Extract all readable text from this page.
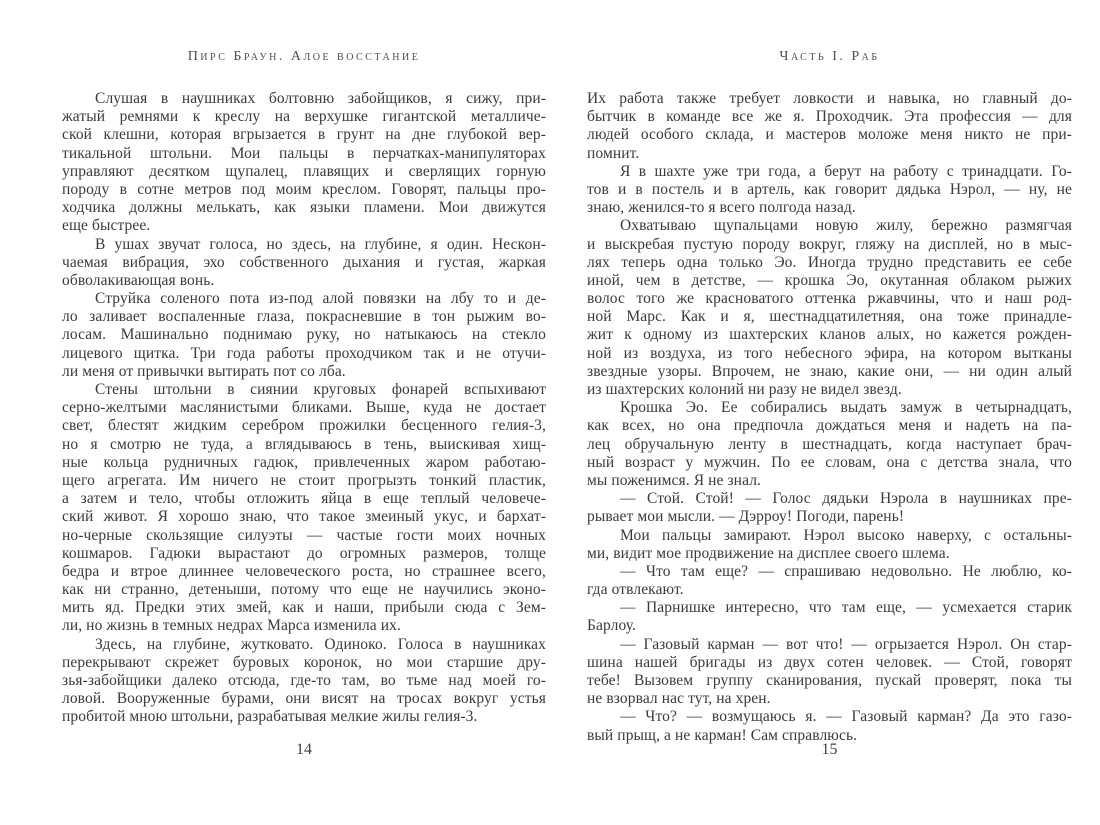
Пирс Браун. Алое восстание
Слушая в наушниках болтовню забойщиков, я сижу, при-
жатый ремнями к креслу на верхушке гигантской металличе-
ской клешни, которая вгрызается в грунт на дне глубокой вер-
тикальной штольни. Мои пальцы в перчатках-манипуляторах
управляют десятком щупалец, плавящих и сверлящих горную
породу в сотне метров под моим креслом. Говорят, пальцы про-
ходчика должны мелькать, как языки пламени. Мои движутся
еще быстрее.
В ушах звучат голоса, но здесь, на глубине, я один. Нескон-
чаемая вибрация, эхо собственного дыхания и густая, жаркая
обволакивающая вонь.
Струйка соленого пота из-под алой повязки на лбу то и де-
ло заливает воспаленные глаза, покрасневшие в тон рыжим во-
лосам. Машинально поднимаю руку, но натыкаюсь на стекло
лицевого щитка. Три года работы проходчиком так и не отучи-
ли меня от привычки вытирать пот со лба.
Стены штольни в сиянии круговых фонарей вспыхивают
серно-желтыми маслянистыми бликами. Выше, куда не достает
свет, блестят жидким серебром прожилки бесценного гелия-3,
но я смотрю не туда, а вглядываюсь в тень, выискивая хищ-
ные кольца рудничных гадюк, привлеченных жаром работаю-
щего агрегата. Им ничего не стоит прогрызть тонкий пластик,
а затем и тело, чтобы отложить яйца в еще теплый человече-
ский живот. Я хорошо знаю, что такое змеиный укус, и бархат-
но-черные скользящие силуэты — частые гости моих ночных
кошмаров. Гадюки вырастают до огромных размеров, толще
бедра и втрое длиннее человеческого роста, но страшнее всего,
как ни странно, детеныши, потому что еще не научились эконо-
мить яд. Предки этих змей, как и наши, прибыли сюда с Зем-
ли, но жизнь в темных недрах Марса изменила их.
Здесь, на глубине, жутковато. Одиноко. Голоса в наушниках
перекрывают скрежет буровых коронок, но мои старшие дру-
зья-забойщики далеко отсюда, где-то там, во тьме над моей го-
ловой. Вооруженные бурами, они висят на тросах вокруг устья
пробитой мною штольни, разрабатывая мелкие жилы гелия-3.
14
Часть I. Раб
Их работа также требует ловкости и навыка, но главный до-
бытчик в команде все же я. Проходчик. Эта профессия — для
людей особого склада, и мастеров моложе меня никто не при-
помнит.
Я в шахте уже три года, а берут на работу с тринадцати. Го-
тов и в постель и в артель, как говорит дядька Нэрол, — ну, не
знаю, женился-то я всего полгода назад.
Охватываю щупальцами новую жилу, бережно размягчая
и выскребая пустую породу вокруг, гляжу на дисплей, но в мыс-
лях теперь одна только Эо. Иногда трудно представить ее себе
иной, чем в детстве, — крошка Эо, окутанная облаком рыжих
волос того же красноватого оттенка ржавчины, что и наш род-
ной Марс. Как и я, шестнадцатилетняя, она тоже принадле-
жит к одному из шахтерских кланов алых, но кажется рожден-
ной из воздуха, из того небесного эфира, на котором вытканы
звездные узоры. Впрочем, не знаю, какие они, — ни один алый
из шахтерских колоний ни разу не видел звезд.
Крошка Эо. Ее собирались выдать замуж в четырнадцать,
как всех, но она предпочла дождаться меня и надеть на па-
лец обручальную ленту в шестнадцать, когда наступает брач-
ный возраст у мужчин. По ее словам, она с детства знала, что
мы поженимся. Я не знал.
— Стой. Стой! — Голос дядьки Нэрола в наушниках пре-
рывает мои мысли. — Дэрроу! Погоди, парень!
Мои пальцы замирают. Нэрол высоко наверху, с остальны-
ми, видит мое продвижение на дисплее своего шлема.
— Что там еще? — спрашиваю недовольно. Не люблю, ко-
гда отвлекают.
— Парнишке интересно, что там еще, — усмехается старик
Барлоу.
— Газовый карман — вот что! — огрызается Нэрол. Он стар-
шина нашей бригады из двух сотен человек. — Стой, говорят
тебе! Вызовем группу сканирования, пускай проверят, пока ты
не взорвал нас тут, на хрен.
— Что? — возмущаюсь я. — Газовый карман? Да это газо-
вый прыщ, а не карман! Сам справлюсь.
15
